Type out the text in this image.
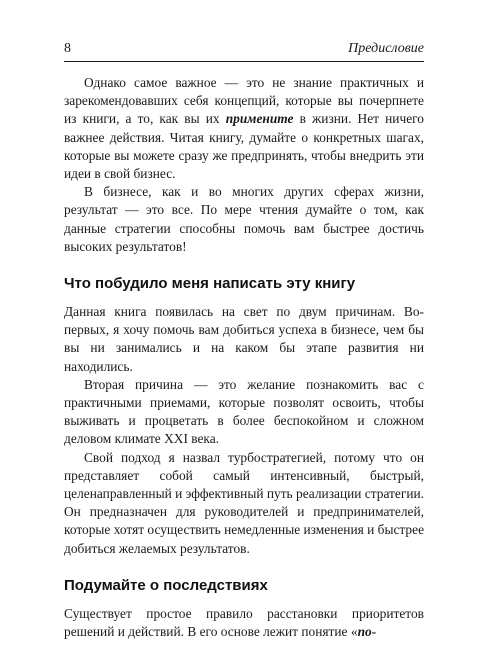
8	Предисловие

Однако самое важное — это не знание практичных и зарекомендовавших себя концепций, которые вы почерпнете из книги, а то, как вы их примените в жизни. Нет ничего важнее действия. Читая книгу, думайте о конкретных шагах, которые вы можете сразу же предпринять, чтобы внедрить эти идеи в свой бизнес.

В бизнесе, как и во многих других сферах жизни, результат — это все. По мере чтения думайте о том, как данные стратегии способны помочь вам быстрее достичь высоких результатов!

Что побудило меня написать эту книгу

Данная книга появилась на свет по двум причинам. Во-первых, я хочу помочь вам добиться успеха в бизнесе, чем бы вы ни занимались и на каком бы этапе развития ни находились.

Вторая причина — это желание познакомить вас с практичными приемами, которые позволят освоить, чтобы выживать и процветать в более беспокойном и сложном деловом климате XXI века.

Свой подход я назвал турбостратегией, потому что он представляет собой самый интенсивный, быстрый, целенаправленный и эффективный путь реализации стратегии. Он предназначен для руководителей и предпринимателей, которые хотят осуществить немедленные изменения и быстрее добиться желаемых результатов.

Подумайте о последствиях

Существует простое правило расстановки приоритетов решений и действий. В его основе лежит понятие «по-
